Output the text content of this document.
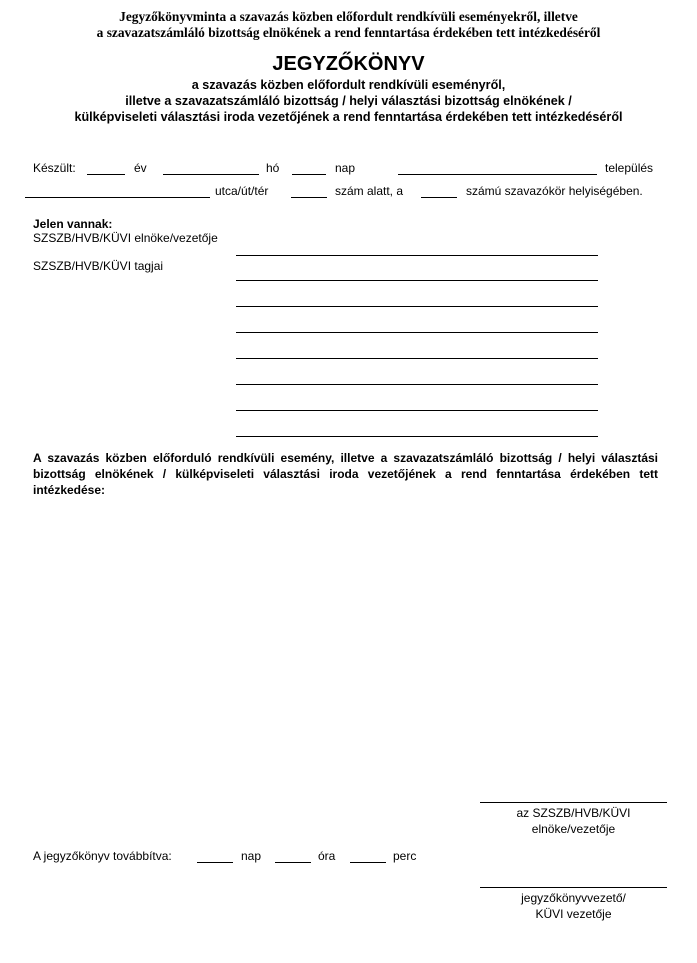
Jegyzőkönyvminta a szavazás közben előfordult rendkívüli eseményekről, illetve
a szavazatszámláló bizottság elnökének a rend fenntartása érdekében tett intézkedéséről
JEGYZŐKÖNYV
a szavazás közben előfordult rendkívüli eseményről,
illetve a szavazatszámláló bizottság / helyi választási bizottság elnökének /
külképviseleti választási iroda vezetőjének a rend fenntartása érdekében tett intézkedéséről
Készült:	év	hó	nap	település
utca/út/tér	szám alatt, a	számú szavazókör helyiségében.
Jelen vannak:
SZSZB/HVB/KÜVI elnöke/vezetője
SZSZB/HVB/KÜVI tagjai
A szavazás közben előforduló rendkívüli esemény, illetve a szavazatszámláló bizottság / helyi választási bizottság elnökének / külképviseleti választási iroda vezetőjének a rend fenntartása érdekében tett intézkedése:
az SZSZB/HVB/KÜVI
elnöke/vezetője
A jegyzőkönyv továbbítva:	nap	óra	perc
jegyzőkönyvvezető/
KÜVI vezetője
